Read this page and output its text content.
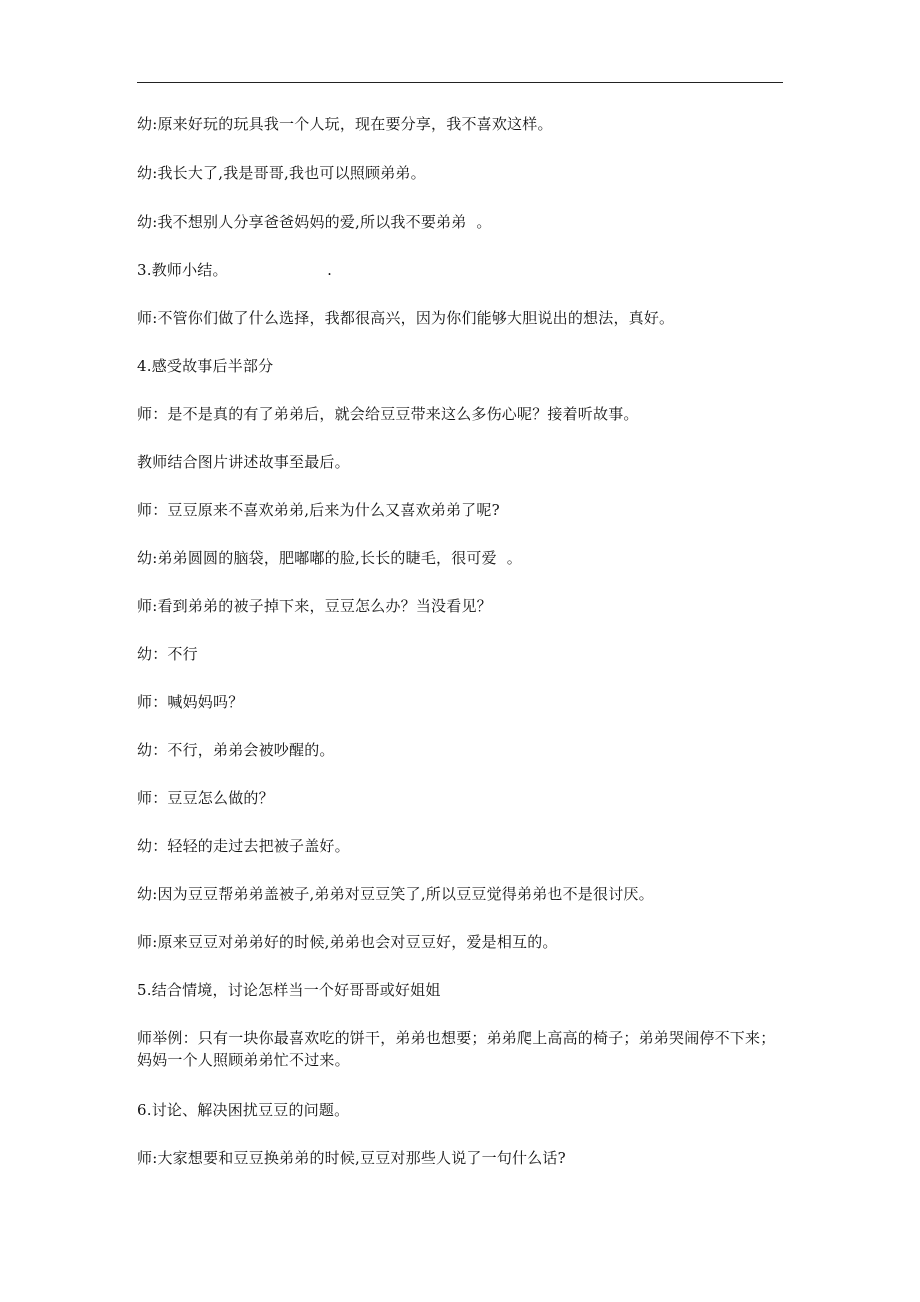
幼:原来好玩的玩具我一个人玩，现在要分享，我不喜欢这样。
幼:我长大了,我是哥哥,我也可以照顾弟弟。
幼:我不想别人分享爸爸妈妈的爱,所以我不要弟弟  。
3.教师小结。                    .
师:不管你们做了什么选择，我都很高兴，因为你们能够大胆说出的想法，真好。
4.感受故事后半部分
师：是不是真的有了弟弟后，就会给豆豆带来这么多伤心呢？接着听故事。
教师结合图片讲述故事至最后。
师：豆豆原来不喜欢弟弟,后来为什么又喜欢弟弟了呢?
幼:弟弟圆圆的脑袋，肥嘟嘟的脸,长长的睫毛，很可爱  。
师:看到弟弟的被子掉下来，豆豆怎么办？当没看见？
幼：不行
师：喊妈妈吗？
幼：不行，弟弟会被吵醒的。
师：豆豆怎么做的？
幼：轻轻的走过去把被子盖好。
幼:因为豆豆帮弟弟盖被子,弟弟对豆豆笑了,所以豆豆觉得弟弟也不是很讨厌。
师:原来豆豆对弟弟好的时候,弟弟也会对豆豆好，爱是相互的。
5.结合情境，讨论怎样当一个好哥哥或好姐姐
师举例：只有一块你最喜欢吃的饼干，弟弟也想要；弟弟爬上高高的椅子；弟弟哭闹停不下来；妈妈一个人照顾弟弟忙不过来。
6.讨论、解决困扰豆豆的问题。
师:大家想要和豆豆换弟弟的时候,豆豆对那些人说了一句什么话?
